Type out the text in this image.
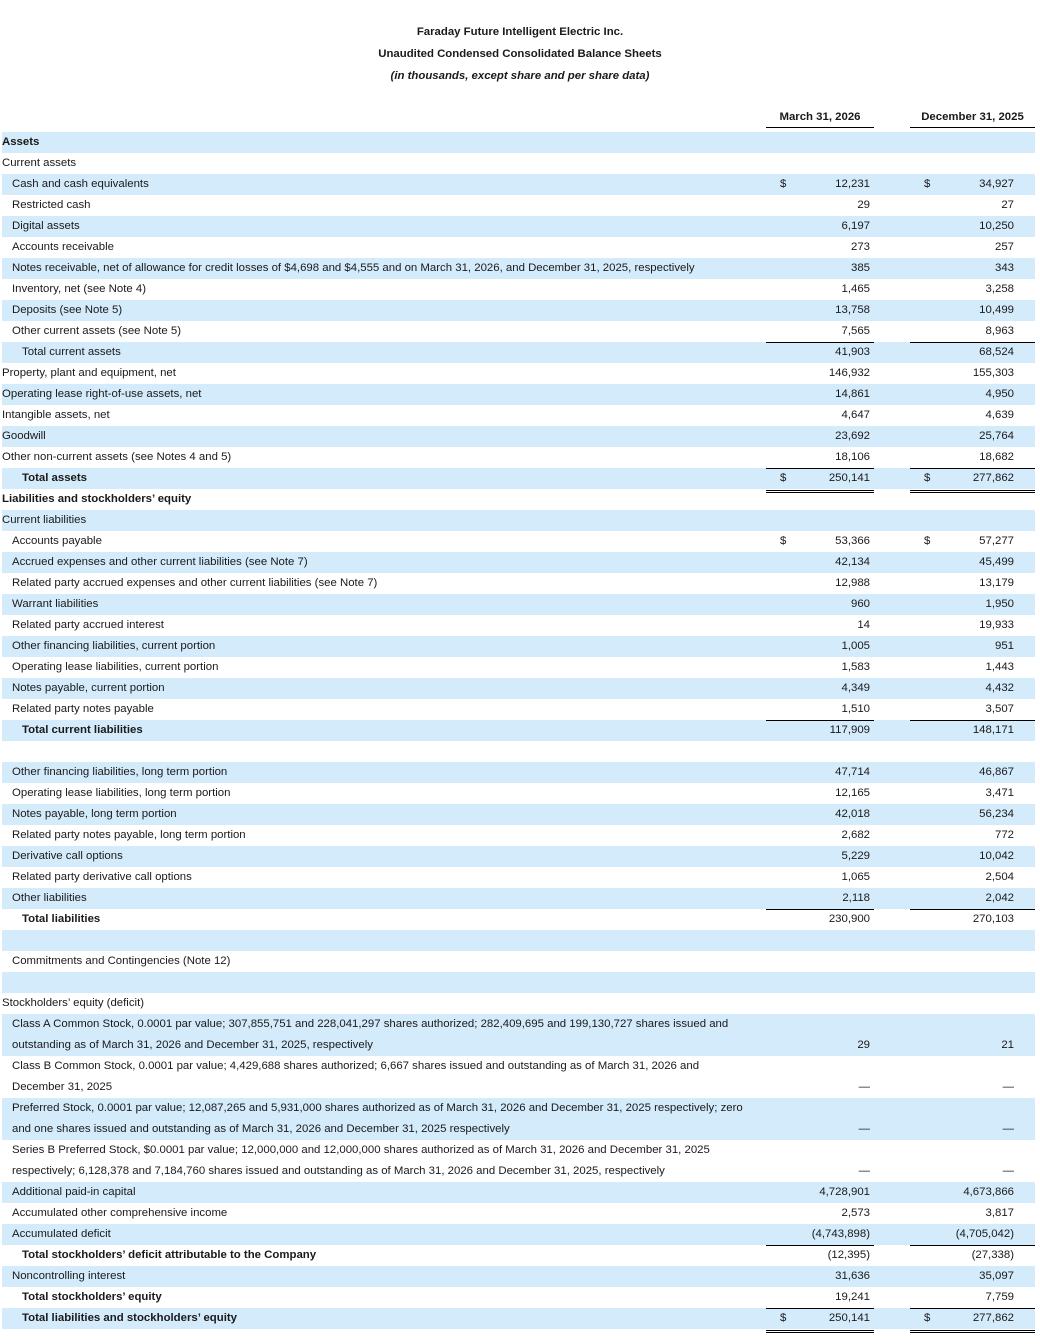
Faraday Future Intelligent Electric Inc.
Unaudited Condensed Consolidated Balance Sheets
(in thousands, except share and per share data)
March 31, 2026	December 31, 2025
Assets
Current assets
Cash and cash equivalents	$	12,231	$	34,927
Restricted cash	29	27
Digital assets	6,197	10,250
Accounts receivable	273	257
Notes receivable, net of allowance for credit losses of $4,698 and $4,555 and on March 31, 2026, and December 31, 2025, respectively	385	343
Inventory, net (see Note 4)	1,465	3,258
Deposits (see Note 5)	13,758	10,499
Other current assets (see Note 5)	7,565	8,963
Total current assets	41,903	68,524
Property, plant and equipment, net	146,932	155,303
Operating lease right-of-use assets, net	14,861	4,950
Intangible assets, net	4,647	4,639
Goodwill	23,692	25,764
Other non-current assets (see Notes 4 and 5)	18,106	18,682
Total assets	$	250,141	$	277,862
Liabilities and stockholders’ equity
Current liabilities
Accounts payable	$	53,366	$	57,277
Accrued expenses and other current liabilities (see Note 7)	42,134	45,499
Related party accrued expenses and other current liabilities (see Note 7)	12,988	13,179
Warrant liabilities	960	1,950
Related party accrued interest	14	19,933
Other financing liabilities, current portion	1,005	951
Operating lease liabilities, current portion	1,583	1,443
Notes payable, current portion	4,349	4,432
Related party notes payable	1,510	3,507
Total current liabilities	117,909	148,171
Other financing liabilities, long term portion	47,714	46,867
Operating lease liabilities, long term portion	12,165	3,471
Notes payable, long term portion	42,018	56,234
Related party notes payable, long term portion	2,682	772
Derivative call options	5,229	10,042
Related party derivative call options	1,065	2,504
Other liabilities	2,118	2,042
Total liabilities	230,900	270,103
Commitments and Contingencies (Note 12)
Stockholders’ equity (deficit)
Class A Common Stock, 0.0001 par value; 307,855,751 and 228,041,297 shares authorized; 282,409,695 and 199,130,727 shares issued and outstanding as of March 31, 2026 and December 31, 2025, respectively	29	21
Class B Common Stock, 0.0001 par value; 4,429,688 shares authorized; 6,667 shares issued and outstanding as of March 31, 2026 and December 31, 2025	—	—
Preferred Stock, 0.0001 par value; 12,087,265 and 5,931,000 shares authorized as of March 31, 2026 and December 31, 2025 respectively; zero and one shares issued and outstanding as of March 31, 2026 and December 31, 2025 respectively	—	—
Series B Preferred Stock, $0.0001 par value; 12,000,000 and 12,000,000 shares authorized as of March 31, 2026 and December 31, 2025 respectively; 6,128,378 and 7,184,760 shares issued and outstanding as of March 31, 2026 and December 31, 2025, respectively	—	—
Additional paid-in capital	4,728,901	4,673,866
Accumulated other comprehensive income	2,573	3,817
Accumulated deficit	(4,743,898)	(4,705,042)
Total stockholders’ deficit attributable to the Company	(12,395)	(27,338)
Noncontrolling interest	31,636	35,097
Total stockholders’ equity	19,241	7,759
Total liabilities and stockholders’ equity	$	250,141	$	277,862
